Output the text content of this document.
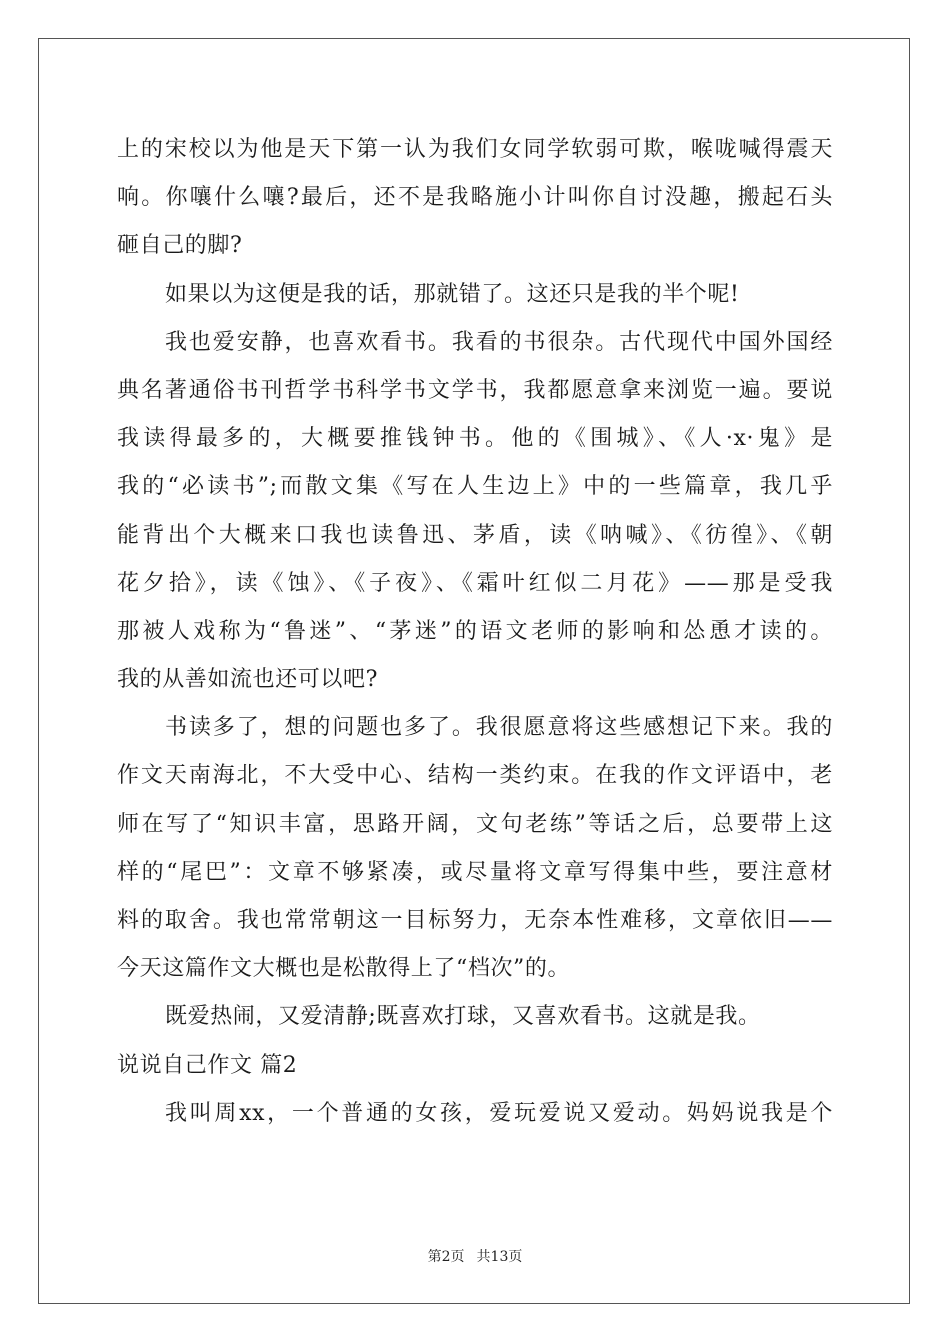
上的宋校以为他是天下第一认为我们女同学软弱可欺，喉咙喊得震天
响。你嚷什么嚷?最后，还不是我略施小计叫你自讨没趣，搬起石头
砸自己的脚?
如果以为这便是我的话，那就错了。这还只是我的半个呢!
我也爱安静，也喜欢看书。我看的书很杂。古代现代中国外国经
典名著通俗书刊哲学书科学书文学书，我都愿意拿来浏览一遍。要说
我读得最多的，大概要推钱钟书。他的《围城》、《人·x·鬼》是
我的“必读书”;而散文集《写在人生边上》中的一些篇章，我几乎
能背出个大概来口我也读鲁迅、茅盾，读《呐喊》、《彷徨》、《朝
花夕拾》，读《蚀》、《子夜》、《霜叶红似二月花》——那是受我
那被人戏称为“鲁迷”、“茅迷”的语文老师的影响和怂恿才读的。
我的从善如流也还可以吧?
书读多了，想的问题也多了。我很愿意将这些感想记下来。我的
作文天南海北，不大受中心、结构一类约束。在我的作文评语中，老
师在写了“知识丰富，思路开阔，文句老练”等话之后，总要带上这
样的“尾巴”：文章不够紧凑，或尽量将文章写得集中些，要注意材
料的取舍。我也常常朝这一目标努力，无奈本性难移，文章依旧——
今天这篇作文大概也是松散得上了“档次”的。
既爱热闹，又爱清静;既喜欢打球，又喜欢看书。这就是我。
说说自己作文 篇2
我叫周xx，一个普通的女孩，爱玩爱说又爱动。妈妈说我是个
第2页 共13页
